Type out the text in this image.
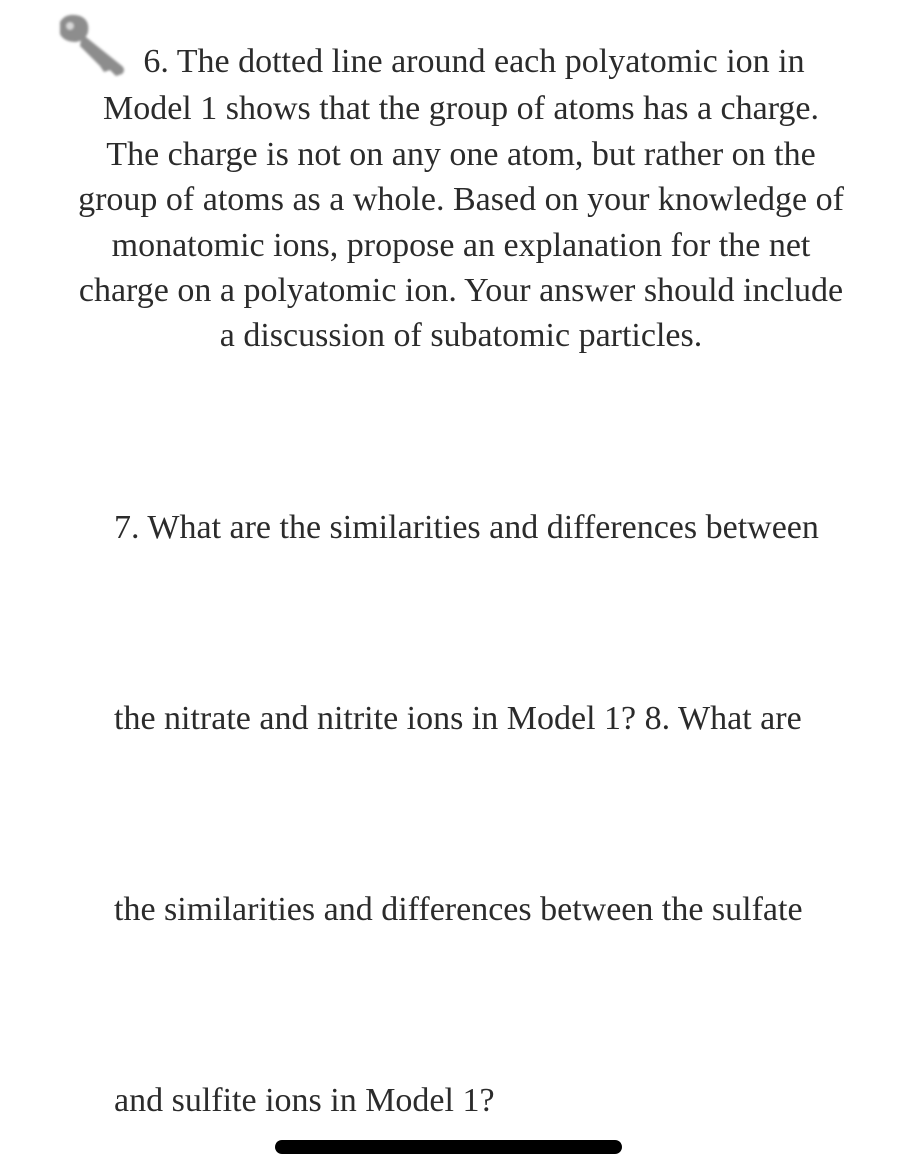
6. The dotted line around each polyatomic ion in
Model 1 shows that the group of atoms has a charge.
The charge is not on any one atom, but rather on the
group of atoms as a whole. Based on your knowledge of
monatomic ions, propose an explanation for the net
charge on a polyatomic ion. Your answer should include
a discussion of subatomic particles.
7. What are the similarities and differences between
the nitrate and nitrite ions in Model 1? 8. What are
the similarities and differences between the sulfate
and sulfite ions in Model 1?
